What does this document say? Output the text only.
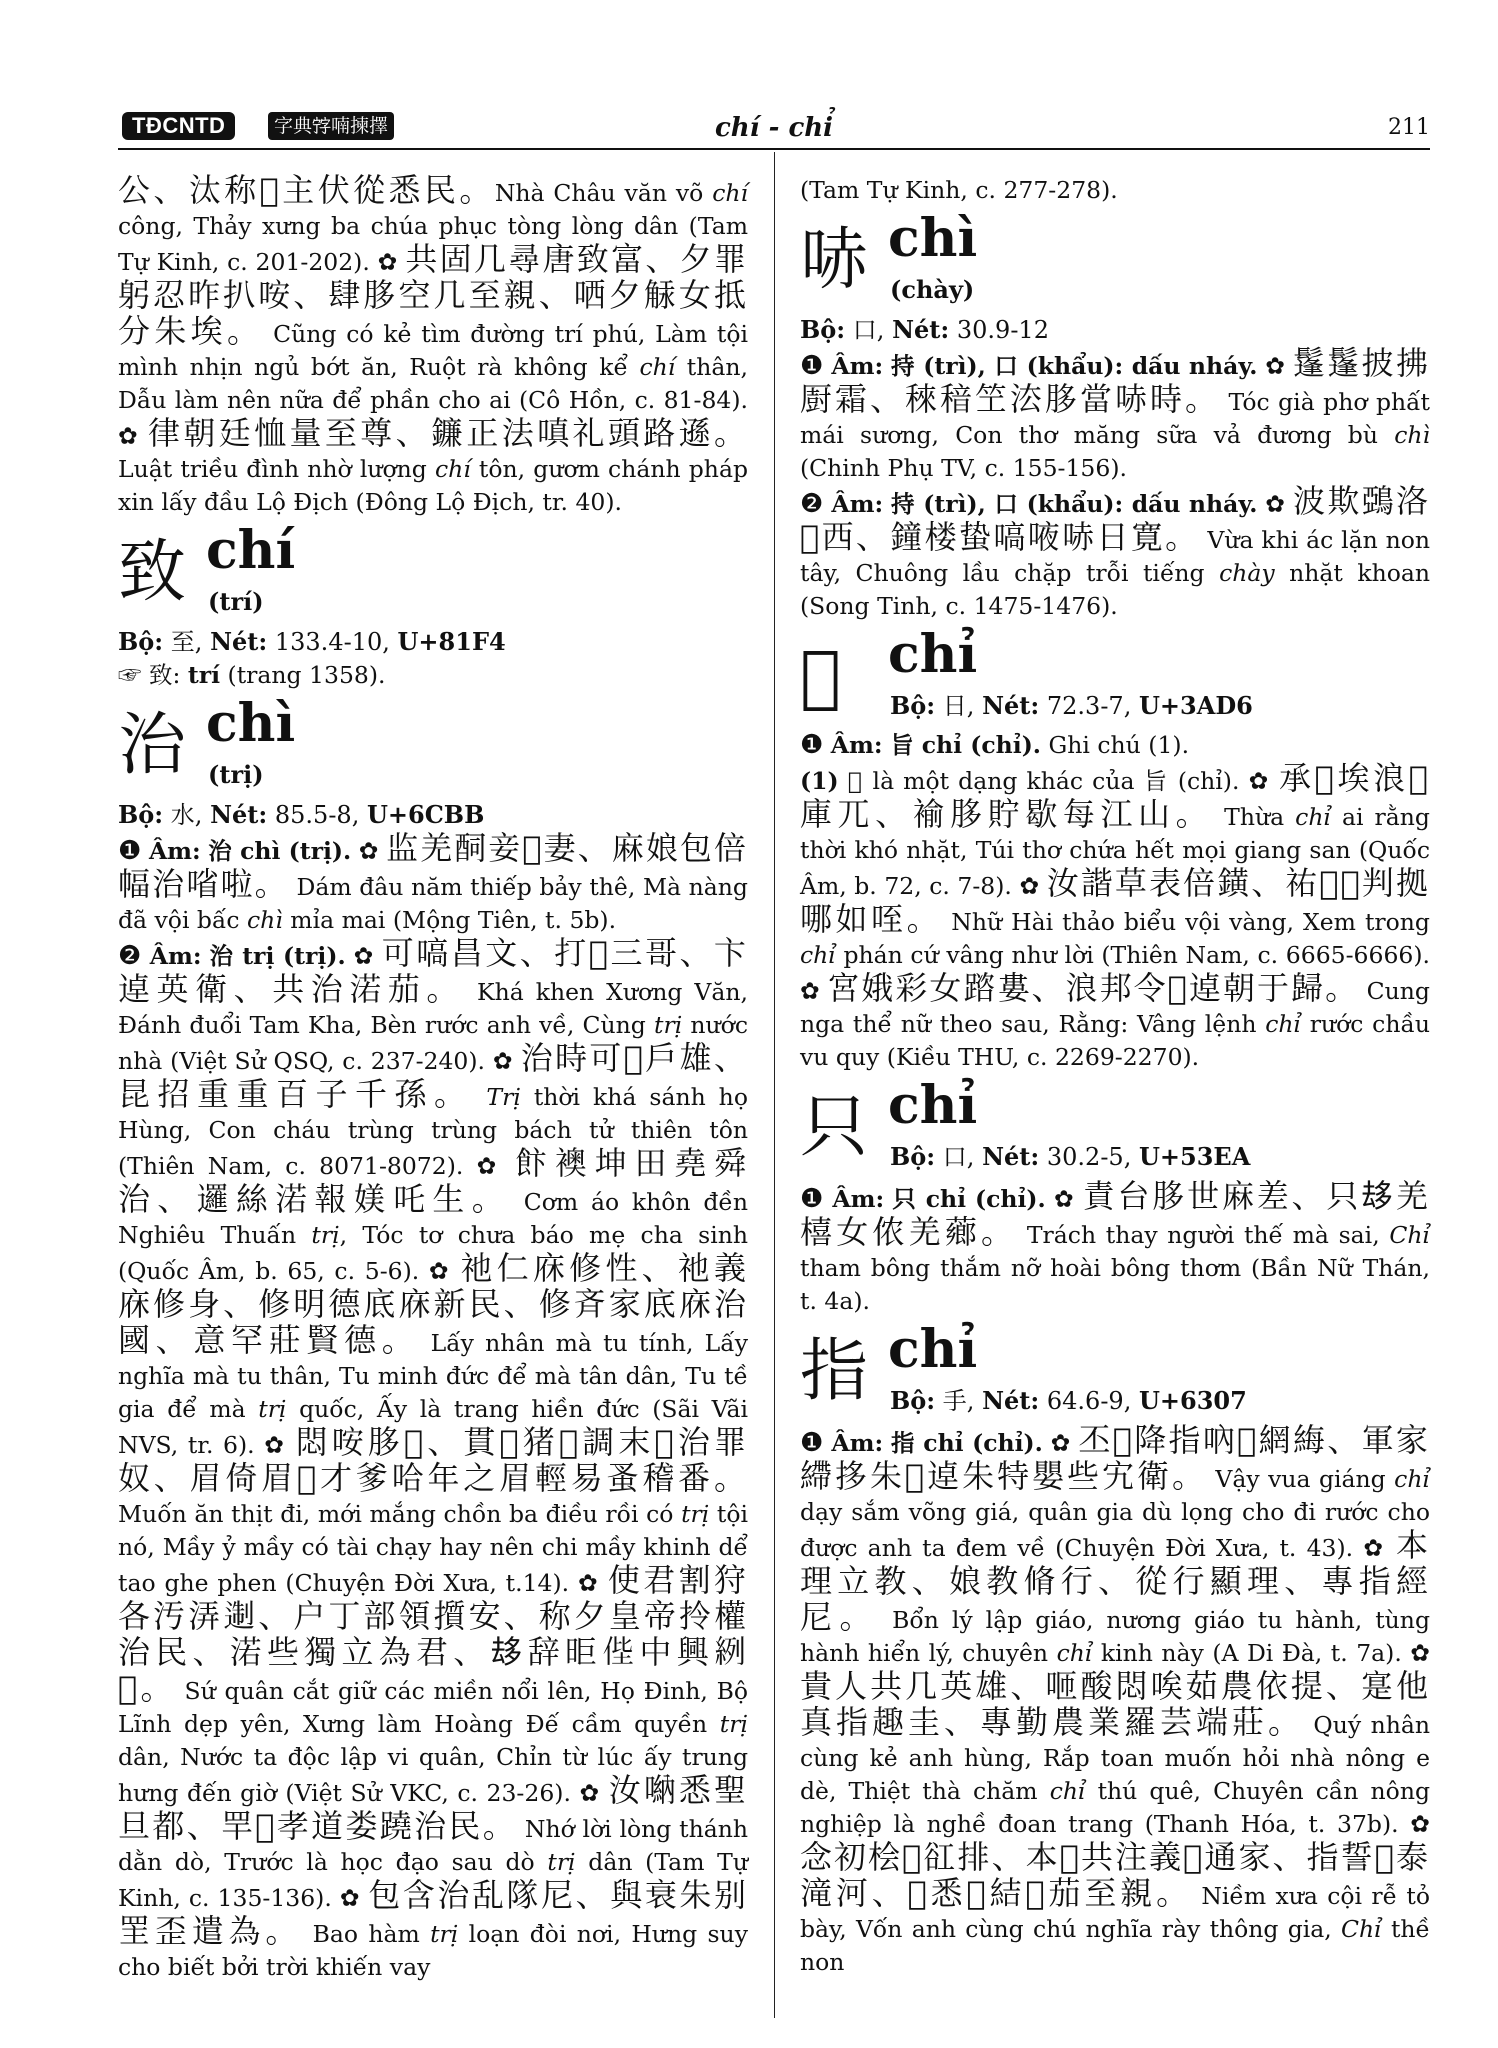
TĐCNTD	字典𡨸喃揀擇	chí - chỉ	211

公、汰称𢀨主伏從悉民。Nhà Châu văn võ chí công, Thảy xưng ba chúa phục tòng lòng dân (Tam Tự Kinh, c. 201-202). ✿ 共固几尋唐致富、夕罪躬忍昨扒咹、肆䏧空几至親、哂夕觨女抵分朱埃。 Cũng có kẻ tìm đường trí phú, Làm tội mình nhịn ngủ bớt ăn, Ruột rà không kể chí thân, Dẫu làm nên nữa để phần cho ai (Cô Hồn, c. 81-84). ✿ 律朝廷恤量至尊、鐮正法嗔礼頭路遜。 Luật triều đình nhờ lượng chí tôn, gươm chánh pháp xin lấy đầu Lộ Địch (Đông Lộ Địch, tr. 40).

致 chí
(trí)

Bộ: 至, Nét: 133.4-10, U+81F4

☞ 致: trí (trang 1358).

治 chì
(trị)

Bộ: 水, Nét: 85.5-8, U+6CBB

❶ Âm: 治 chì (trị). ✿ 监羌䣳妾𤳆妻、麻娘包倍幅治㗂啦。 Dám đâu năm thiếp bảy thê, Mà nàng đã vội bấc chì mỉa mai (Mộng Tiên, t. 5b).

❷ Âm: 治 trị (trị). ✿ 可嗃昌文、打𨀈三哥、卞逴英衛、共治渃茄。 Khá khen Xương Văn, Đánh đuổi Tam Kha, Bèn rước anh về, Cùng trị nước nhà (Việt Sử QSQ, c. 237-240). ✿ 治時可𢀭戶雄、昆招重重百子千孫。 Trị thời khá sánh họ Hùng, Con cháu trùng trùng bách tử thiên tôn (Thiên Nam, c. 8071-8072). ✿ 飰襖坤田堯舜治、邏絲渃報媄吒生。 Cơm áo khôn đền Nghiêu Thuấn trị, Tóc tơ chưa báo mẹ cha sinh (Quốc Âm, b. 65, c. 5-6). ✿ 祂仁庥修性、祂義庥修身、修明德底庥新民、修斉家底庥治國、意罕莊賢德。 Lấy nhân mà tu tính, Lấy nghĩa mà tu thân, Tu minh đức để mà tân dân, Tu tề gia để mà trị quốc, Ấy là trang hiền đức (Sãi Vãi NVS, tr. 6). ✿ 悶咹䏧𦝄、貫𠳨猪𢀨調末𡗶治罪奴、眉倚眉𡗶才爹哈年之眉輕易蚤稽番。 Muốn ăn thịt đi, mới mắng chồn ba điều rồi có trị tội nó, Mầy ỷ mầy có tài chạy hay nên chi mầy khinh dể tao ghe phen (Chuyện Đời Xưa, t.14). ✿ 使君割狩各汚㳥𨔈、户丁部領㩫安、称夕皇帝拎權治民、渃些獨立為君、𠫾辞昛𠈺中興𦀎𢧚。 Sứ quân cắt giữ các miền nổi lên, Họ Đinh, Bộ Lĩnh dẹp yên, Xưng làm Hoàng Đế cầm quyền trị dân, Nước ta độc lập vi quân, Chỉn từ lúc ấy trung hưng đến giờ (Việt Sử VKC, c. 23-26). ✿ 汝𠺶悉聖旦都、䍐𦓡孝道娄蹺治民。 Nhớ lời lòng thánh dằn dò, Trước là học đạo sau dò trị dân (Tam Tự Kinh, c. 135-136). ✿ 包含治乱隊尼、與衰朱别罜歪遣為。 Bao hàm trị loạn đòi nơi, Hưng suy cho biết bởi trời khiến vay

(Tam Tự Kinh, c. 277-278).

哧 chì
(chày)

Bộ: 口, Nét: 30.9-12

❶ Âm: 持 (trì), 口 (khẩu): dấu nháy. ✿ 鬔鬔披拂㕑霜、䅘䅧笁㳒䏧當哧時。 Tóc già phơ phất mái sương, Con thơ măng sữa vả đương bù chì (Chinh Phụ TV, c. 155-156).

❷ Âm: 持 (trì), 口 (khẩu): dấu nháy. ✿ 波欺鵶洛𣘈西、鐘楼蛰嗃㖡哧日寛。 Vừa khi ác lặn non tây, Chuông lầu chặp trỗi tiếng chày nhặt khoan (Song Tinh, c. 1475-1476).

𣎶 chỉ
Bộ: 日, Nét: 72.3-7, U+3AD6

❶ Âm: 旨 chỉ (chỉ). Ghi chú (1).

(1) 𣎶 là một dạng khác của 旨 (chỉ). ✿ 承𣎶埃浪𣱆庫兀、褕䏧貯歇每江山。 Thừa chỉ ai rằng thời khó nhặt, Túi thơ chứa hết mọi giang san (Quốc Âm, b. 72, c. 7-8). ✿ 汝諧草表倍鐄、祐𨀈𣎶判拠哪如咥。 Nhữ Hài thảo biểu vội vàng, Xem trong chỉ phán cứ vâng như lời (Thiên Nam, c. 6665-6666). ✿ 宮娥彩女䠖婁、浪邦令𣎶逴朝于歸。 Cung nga thể nữ theo sau, Rằng: Vâng lệnh chỉ rước chầu vu quy (Kiều THU, c. 2269-2270).

只 chỉ
Bộ: 口, Nét: 30.2-5, U+53EA

❶ Âm: 只 chỉ (chỉ). ✿ 責台䏧世麻差、只𠫾羌橲女侬羌薌。 Trách thay người thế mà sai, Chỉ tham bông thắm nỡ hoài bông thơm (Bần Nữ Thán, t. 4a).

指 chỉ
Bộ: 手, Nét: 64.6-9, U+6307

❶ Âm: 指 chỉ (chỉ). ✿ 丕𢬣降指吶𢤞網䋦、軍家𦄂拸朱𦝄逴朱特嬰些宄衛。 Vậy vua giáng chỉ dạy sắm võng giá, quân gia dù lọng cho đi rước cho được anh ta đem về (Chuyện Đời Xưa, t. 43). ✿ 本理立教、娘教脩行、從行顯理、專指經尼。 Bổn lý lập giáo, nương giáo tu hành, tùng hành hiển lý, chuyên chỉ kinh này (A Di Đà, t. 7a). ✿ 貴人共几英雄、咂酸悶唉茹農依提、寔他真指趣圭、專勤農業羅芸端莊。 Quý nhân cùng kẻ anh hùng, Rắp toan muốn hỏi nhà nông e dè, Thiệt thà chăm chỉ thú quê, Chuyên cần nông nghiệp là nghề đoan trang (Thanh Hóa, t. 37b). ✿ 念初桧𣘃䜫排、本𡞕共注義𢆥通家、指誓𣘈泰滝河、𠇍悉𣇞結𠫾茄至親。 Niềm xưa cội rễ tỏ bày, Vốn anh cùng chú nghĩa rày thông gia, Chỉ thề non
